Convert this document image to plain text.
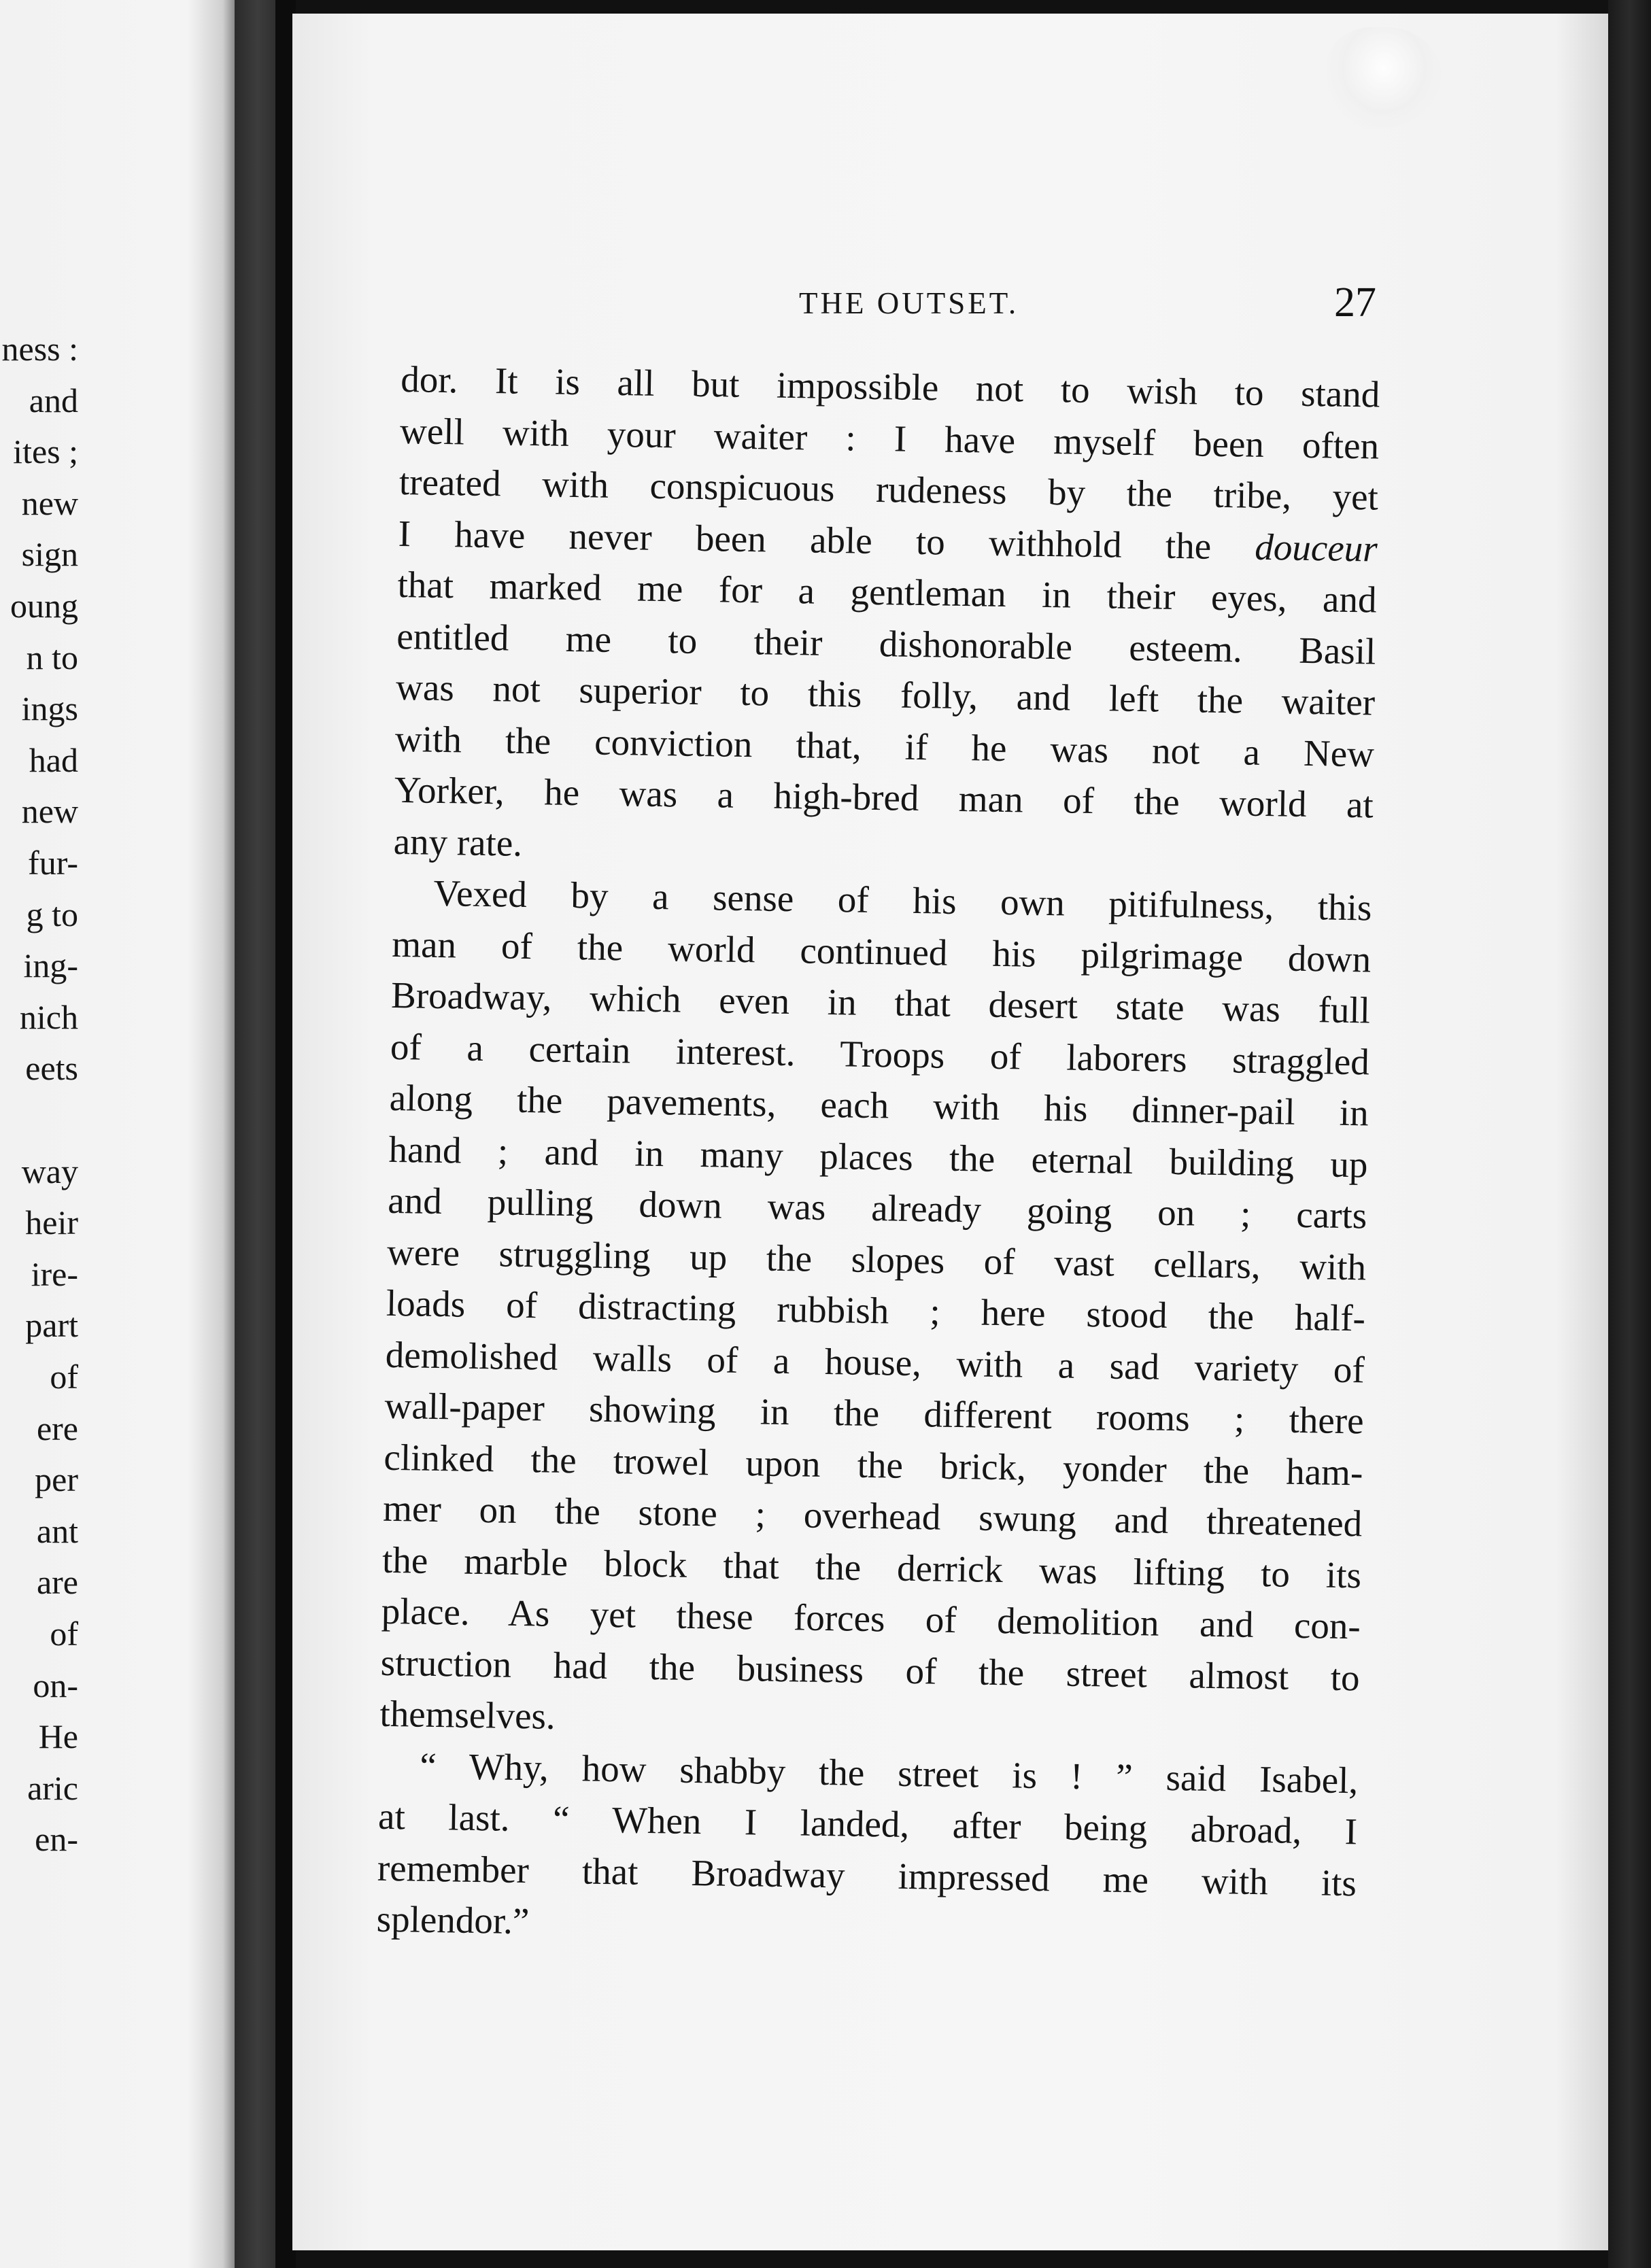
ness :
and
ites ;
new
sign
oung
n to
ings
had
new
fur-
g to
ing-
nich
eets
way
heir
ire-
part
of
ere
per
ant
are
of
on-
He
aric
en-
THE OUTSET.	27
dor. It is all but impossible not to wish to stand
well with your waiter : I have myself been often
treated with conspicuous rudeness by the tribe, yet
I have never been able to withhold the douceur
that marked me for a gentleman in their eyes, and
entitled me to their dishonorable esteem. Basil
was not superior to this folly, and left the waiter
with the conviction that, if he was not a New
Yorker, he was a high-bred man of the world at
any rate.
Vexed by a sense of his own pitifulness, this
man of the world continued his pilgrimage down
Broadway, which even in that desert state was full
of a certain interest. Troops of laborers straggled
along the pavements, each with his dinner-pail in
hand ; and in many places the eternal building up
and pulling down was already going on ; carts
were struggling up the slopes of vast cellars, with
loads of distracting rubbish ; here stood the half-
demolished walls of a house, with a sad variety of
wall-paper showing in the different rooms ; there
clinked the trowel upon the brick, yonder the ham-
mer on the stone ; overhead swung and threatened
the marble block that the derrick was lifting to its
place. As yet these forces of demolition and con-
struction had the business of the street almost to
themselves.
“ Why, how shabby the street is ! ” said Isabel,
at last. “ When I landed, after being abroad, I
remember that Broadway impressed me with its
splendor.”
